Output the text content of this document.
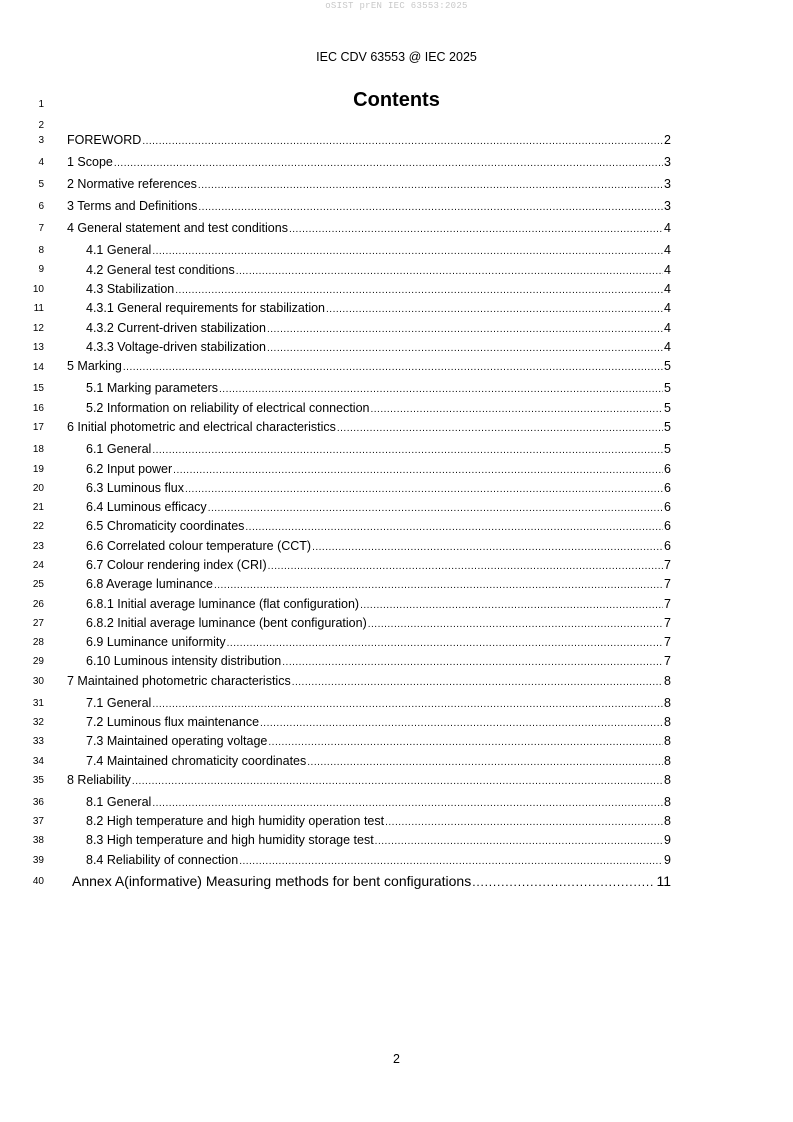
oSIST prEN IEC 63553:2025
IEC CDV 63553 @ IEC 2025
Contents
1
2
3
4
5
6
7
8
9
10
11
12
13
14
15
16
17
18
19
20
21
22
23
24
25
26
27
28
29
30
31
32
33
34
35
36
37
38
39
40
FOREWORD .....	2
1 Scope .....	3
2 Normative references .....	3
3 Terms and Definitions .....	3
4 General statement and test conditions .....	4
4.1 General .....	4
4.2 General test conditions .....	4
4.3 Stabilization .....	4
4.3.1 General requirements for stabilization .....	4
4.3.2 Current-driven stabilization .....	4
4.3.3 Voltage-driven stabilization .....	4
5 Marking .....	5
5.1 Marking parameters .....	5
5.2 Information on reliability of electrical connection .....	5
6 Initial photometric and electrical characteristics .....	5
6.1 General .....	5
6.2 Input power .....	6
6.3 Luminous flux .....	6
6.4 Luminous efficacy .....	6
6.5 Chromaticity coordinates .....	6
6.6 Correlated colour temperature (CCT) .....	6
6.7 Colour rendering index (CRI) .....	7
6.8 Average luminance .....	7
6.8.1 Initial average luminance (flat configuration) .....	7
6.8.2 Initial average luminance (bent configuration) .....	7
6.9 Luminance uniformity .....	7
6.10 Luminous intensity distribution .....	7
7 Maintained photometric characteristics .....	8
7.1 General .....	8
7.2 Luminous flux maintenance .....	8
7.3 Maintained operating voltage .....	8
7.4 Maintained chromaticity coordinates .....	8
8 Reliability .....	8
8.1 General .....	8
8.2 High temperature and high humidity operation test .....	8
8.3 High temperature and high humidity storage test .....	9
8.4 Reliability of connection .....	9
Annex A(informative) Measuring methods for bent configurations .....	11
2
